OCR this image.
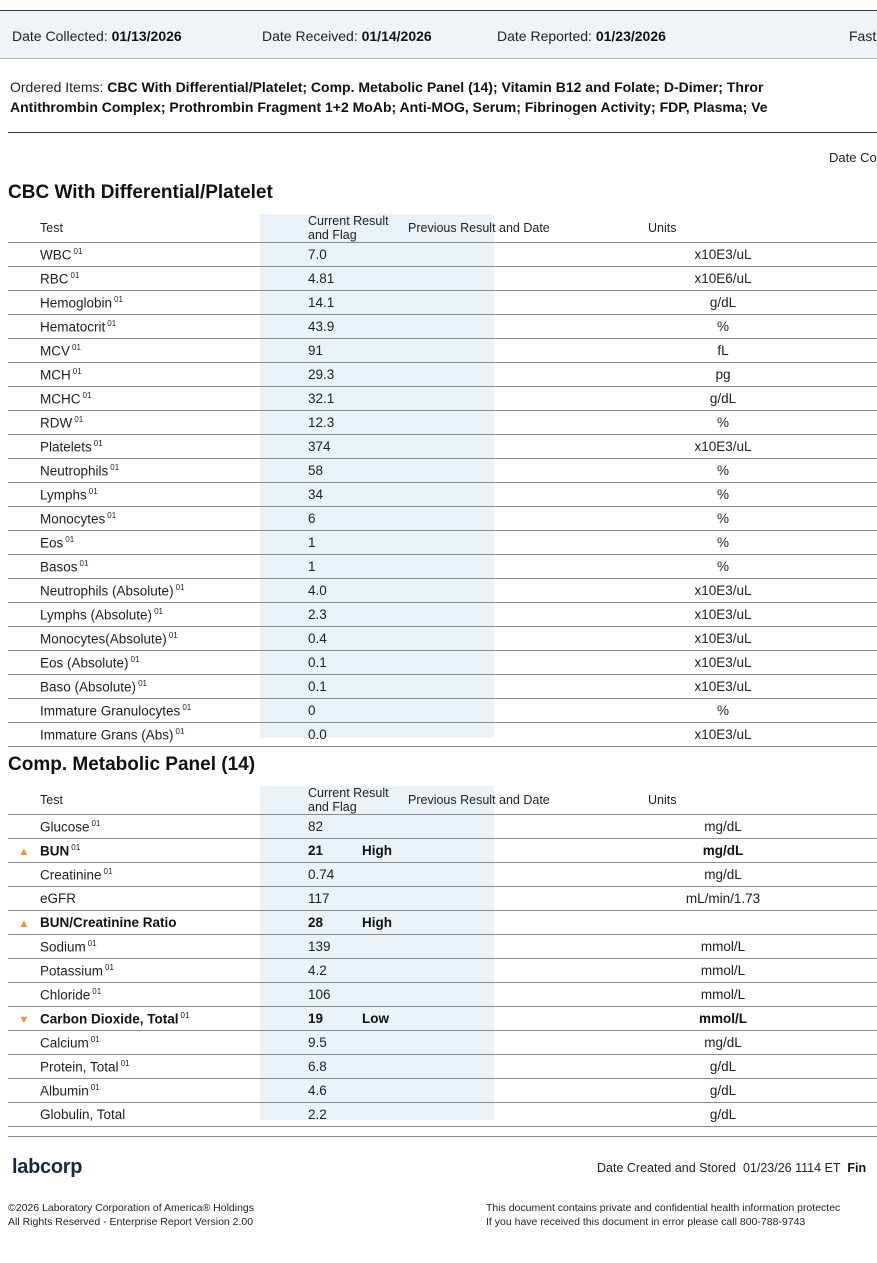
Date Collected: 01/13/2026	Date Received: 01/14/2026	Date Reported: 01/23/2026	Fast
Ordered Items: CBC With Differential/Platelet; Comp. Metabolic Panel (14); Vitamin B12 and Folate; D-Dimer; Thror
Antithrombin Complex; Prothrombin Fragment 1+2 MoAb; Anti-MOG, Serum; Fibrinogen Activity; FDP, Plasma; Ve
Date Co
CBC With Differential/Platelet
	Test	Current Result and Flag		Previous Result and Date	Units	
	WBC $^{01}$	7.0			x10E3/uL	
	RBC $^{01}$	4.81			x10E6/uL	
	Hemoglobin $^{01}$	14.1			g/dL	
	Hematocrit $^{01}$	43.9			%	
	MCV $^{01}$	91			fL	
	MCH $^{01}$	29.3			pg	
	MCHC $^{01}$	32.1			g/dL	
	RDW $^{01}$	12.3			%	
	Platelets $^{01}$	374			x10E3/uL	
	Neutrophils $^{01}$	58			%	
	Lymphs $^{01}$	34			%	
	Monocytes $^{01}$	6			%	
	Eos $^{01}$	1			%	
	Basos $^{01}$	1			%	
	Neutrophils (Absolute) $^{01}$	4.0			x10E3/uL	
	Lymphs (Absolute) $^{01}$	2.3			x10E3/uL	
	Monocytes(Absolute) $^{01}$	0.4			x10E3/uL	
	Eos (Absolute) $^{01}$	0.1			x10E3/uL	
	Baso (Absolute) $^{01}$	0.1			x10E3/uL	
	Immature Granulocytes $^{01}$	0			%	
	Immature Grans (Abs) $^{01}$	0.0			x10E3/uL	
Comp. Metabolic Panel (14)
	Test	Current Result and Flag		Previous Result and Date	Units	
	Glucose $^{01}$	82			mg/dL	
▲	BUN $^{01}$	21	High		mg/dL	
	Creatinine $^{01}$	0.74			mg/dL	
	eGFR	117			mL/min/1.73	
▲	BUN/Creatinine Ratio	28	High			
	Sodium $^{01}$	139			mmol/L	
	Potassium $^{01}$	4.2			mmol/L	
	Chloride $^{01}$	106			mmol/L	
▼	Carbon Dioxide, Total $^{01}$	19	Low		mmol/L	
	Calcium $^{01}$	9.5			mg/dL	
	Protein, Total $^{01}$	6.8			g/dL	
	Albumin $^{01}$	4.6			g/dL	
	Globulin, Total	2.2			g/dL	
labcorp	Date Created and Stored 01/23/26 1114 ET Fin
©2026 Laboratory Corporation of America® Holdings
All Rights Reserved - Enterprise Report Version 2.00
This document contains private and confidential health information protectec
If you have received this document in error please call 800-788-9743
